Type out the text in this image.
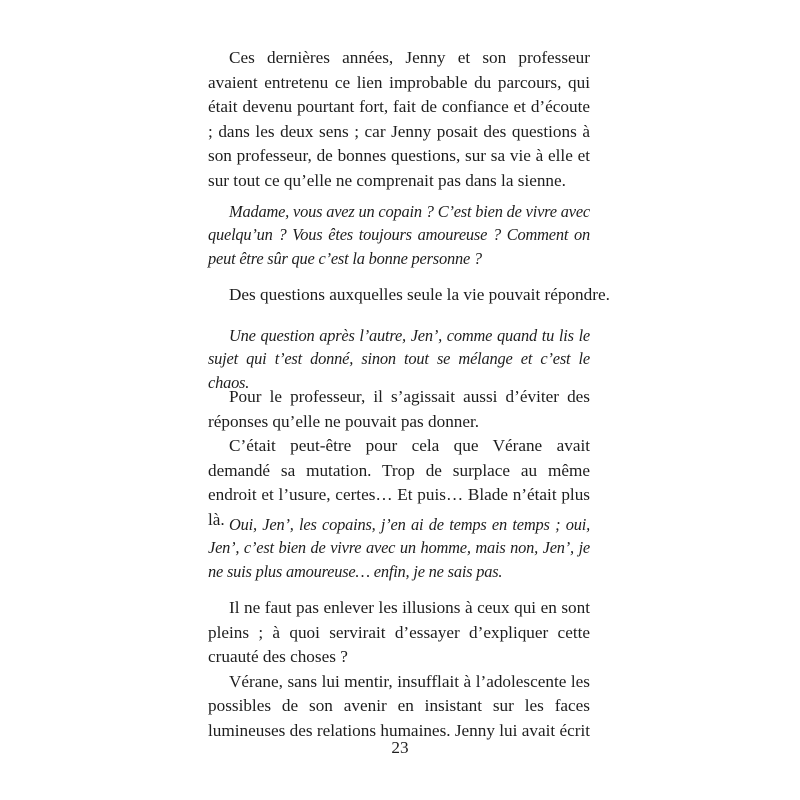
Ces dernières années, Jenny et son professeur avaient entretenu ce lien improbable du parcours, qui était devenu pourtant fort, fait de confiance et d’écoute ; dans les deux sens ; car Jenny posait des questions à son professeur, de bonnes questions, sur sa vie à elle et sur tout ce qu’elle ne comprenait pas dans la sienne.

Madame, vous avez un copain ? C’est bien de vivre avec quelqu’un ? Vous êtes toujours amoureuse ? Comment on peut être sûr que c’est la bonne personne ?
Des questions auxquelles seule la vie pouvait répondre.
Une question après l’autre, Jen’, comme quand tu lis le sujet qui t’est donné, sinon tout se mélange et c’est le chaos.

Pour le professeur, il s’agissait aussi d’éviter des réponses qu’elle ne pouvait pas donner.

C’était peut-être pour cela que Vérane avait demandé sa mutation. Trop de surplace au même endroit et l’usure, certes… Et puis… Blade n’était plus là. Oui, Jen’, les copains, j’en ai de temps en temps ; oui, Jen’, c’est bien de vivre avec un homme, mais non, Jen’, je ne suis plus amoureuse… enfin, je ne sais pas.

Il ne faut pas enlever les illusions à ceux qui en sont pleins ; à quoi servirait d’essayer d’expliquer cette cruauté des choses ?

Vérane, sans lui mentir, insufflait à l’adolescente les possibles de son avenir en insistant sur les faces lumineuses des relations humaines. Jenny lui avait écrit

23
